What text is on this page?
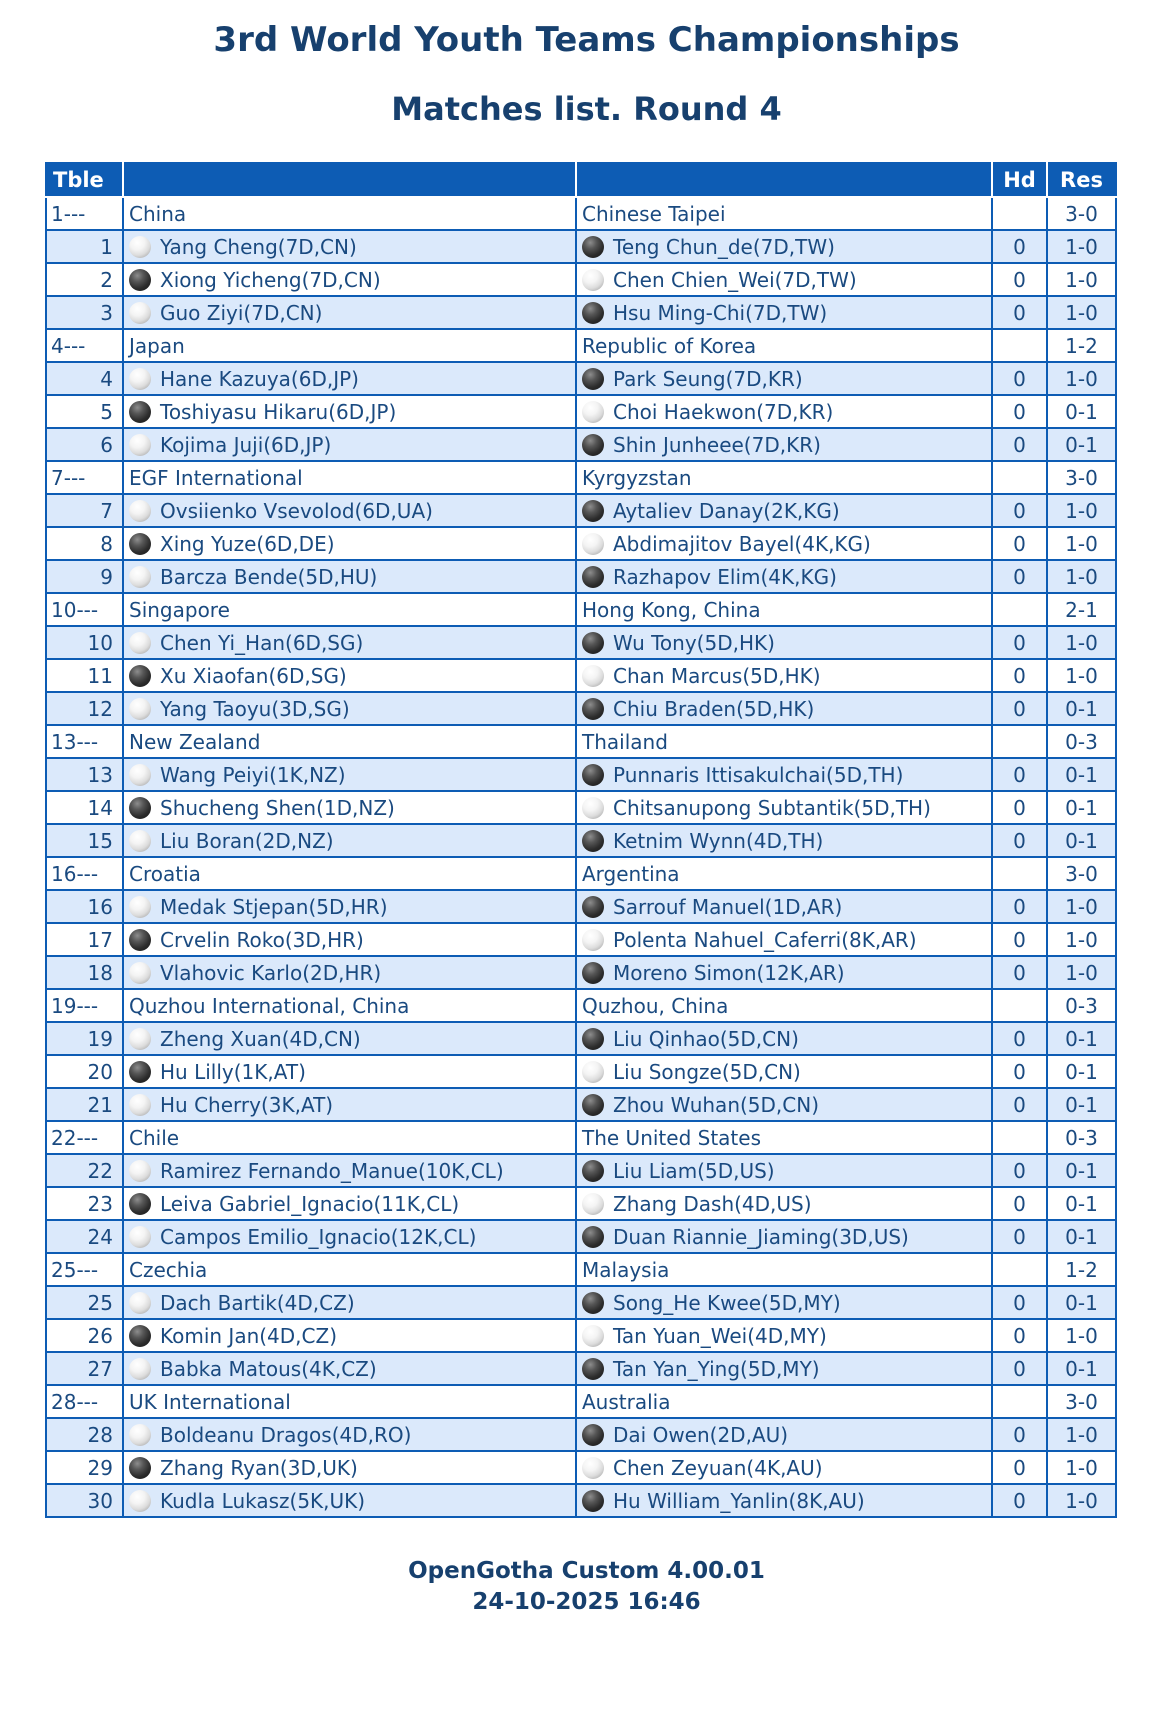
3rd World Youth Teams Championships
Matches list. Round 4
Tble			Hd	Res
1---	China	Chinese Taipei		3-0
1	Yang Cheng(7D,CN)	Teng Chun_de(7D,TW)	0	1-0
2	Xiong Yicheng(7D,CN)	Chen Chien_Wei(7D,TW)	0	1-0
3	Guo Ziyi(7D,CN)	Hsu Ming-Chi(7D,TW)	0	1-0
4---	Japan	Republic of Korea		1-2
4	Hane Kazuya(6D,JP)	Park Seung(7D,KR)	0	1-0
5	Toshiyasu Hikaru(6D,JP)	Choi Haekwon(7D,KR)	0	0-1
6	Kojima Juji(6D,JP)	Shin Junheee(7D,KR)	0	0-1
7---	EGF International	Kyrgyzstan		3-0
7	Ovsiienko Vsevolod(6D,UA)	Aytaliev Danay(2K,KG)	0	1-0
8	Xing Yuze(6D,DE)	Abdimajitov Bayel(4K,KG)	0	1-0
9	Barcza Bende(5D,HU)	Razhapov Elim(4K,KG)	0	1-0
10---	Singapore	Hong Kong, China		2-1
10	Chen Yi_Han(6D,SG)	Wu Tony(5D,HK)	0	1-0
11	Xu Xiaofan(6D,SG)	Chan Marcus(5D,HK)	0	1-0
12	Yang Taoyu(3D,SG)	Chiu Braden(5D,HK)	0	0-1
13---	New Zealand	Thailand		0-3
13	Wang Peiyi(1K,NZ)	Punnaris Ittisakulchai(5D,TH)	0	0-1
14	Shucheng Shen(1D,NZ)	Chitsanupong Subtantik(5D,TH)	0	0-1
15	Liu Boran(2D,NZ)	Ketnim Wynn(4D,TH)	0	0-1
16---	Croatia	Argentina		3-0
16	Medak Stjepan(5D,HR)	Sarrouf Manuel(1D,AR)	0	1-0
17	Crvelin Roko(3D,HR)	Polenta Nahuel_Caferri(8K,AR)	0	1-0
18	Vlahovic Karlo(2D,HR)	Moreno Simon(12K,AR)	0	1-0
19---	Quzhou International, China	Quzhou, China		0-3
19	Zheng Xuan(4D,CN)	Liu Qinhao(5D,CN)	0	0-1
20	Hu Lilly(1K,AT)	Liu Songze(5D,CN)	0	0-1
21	Hu Cherry(3K,AT)	Zhou Wuhan(5D,CN)	0	0-1
22---	Chile	The United States		0-3
22	Ramirez Fernando_Manue(10K,CL)	Liu Liam(5D,US)	0	0-1
23	Leiva Gabriel_Ignacio(11K,CL)	Zhang Dash(4D,US)	0	0-1
24	Campos Emilio_Ignacio(12K,CL)	Duan Riannie_Jiaming(3D,US)	0	0-1
25---	Czechia	Malaysia		1-2
25	Dach Bartik(4D,CZ)	Song_He Kwee(5D,MY)	0	0-1
26	Komin Jan(4D,CZ)	Tan Yuan_Wei(4D,MY)	0	1-0
27	Babka Matous(4K,CZ)	Tan Yan_Ying(5D,MY)	0	0-1
28---	UK International	Australia		3-0
28	Boldeanu Dragos(4D,RO)	Dai Owen(2D,AU)	0	1-0
29	Zhang Ryan(3D,UK)	Chen Zeyuan(4K,AU)	0	1-0
30	Kudla Lukasz(5K,UK)	Hu William_Yanlin(8K,AU)	0	1-0
OpenGotha Custom 4.00.01
24-10-2025 16:46
